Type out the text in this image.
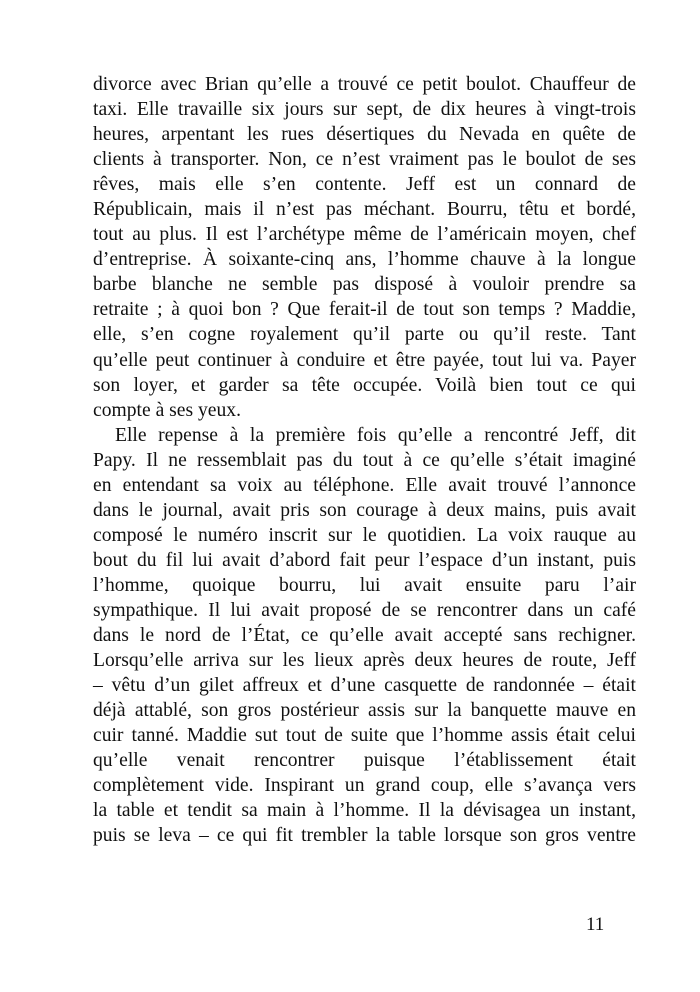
divorce avec Brian qu’elle a trouvé ce petit boulot. Chauffeur de
taxi. Elle travaille six jours sur sept, de dix heures à vingt-trois
heures, arpentant les rues désertiques du Nevada en quête de
clients à transporter. Non, ce n’est vraiment pas le boulot de ses
rêves, mais elle s’en contente. Jeff est un connard de
Républicain, mais il n’est pas méchant. Bourru, têtu et bordé,
tout au plus. Il est l’archétype même de l’américain moyen, chef
d’entreprise. À soixante-cinq ans, l’homme chauve à la longue
barbe blanche ne semble pas disposé à vouloir prendre sa
retraite ; à quoi bon ? Que ferait-il de tout son temps ? Maddie,
elle, s’en cogne royalement qu’il parte ou qu’il reste. Tant
qu’elle peut continuer à conduire et être payée, tout lui va. Payer
son loyer, et garder sa tête occupée. Voilà bien tout ce qui
compte à ses yeux.
Elle repense à la première fois qu’elle a rencontré Jeff, dit
Papy. Il ne ressemblait pas du tout à ce qu’elle s’était imaginé
en entendant sa voix au téléphone. Elle avait trouvé l’annonce
dans le journal, avait pris son courage à deux mains, puis avait
composé le numéro inscrit sur le quotidien. La voix rauque au
bout du fil lui avait d’abord fait peur l’espace d’un instant, puis
l’homme, quoique bourru, lui avait ensuite paru l’air
sympathique. Il lui avait proposé de se rencontrer dans un café
dans le nord de l’État, ce qu’elle avait accepté sans rechigner.
Lorsqu’elle arriva sur les lieux après deux heures de route, Jeff
– vêtu d’un gilet affreux et d’une casquette de randonnée – était
déjà attablé, son gros postérieur assis sur la banquette mauve en
cuir tanné. Maddie sut tout de suite que l’homme assis était celui
qu’elle venait rencontrer puisque l’établissement était
complètement vide. Inspirant un grand coup, elle s’avança vers
la table et tendit sa main à l’homme. Il la dévisagea un instant,
puis se leva – ce qui fit trembler la table lorsque son gros ventre
11
